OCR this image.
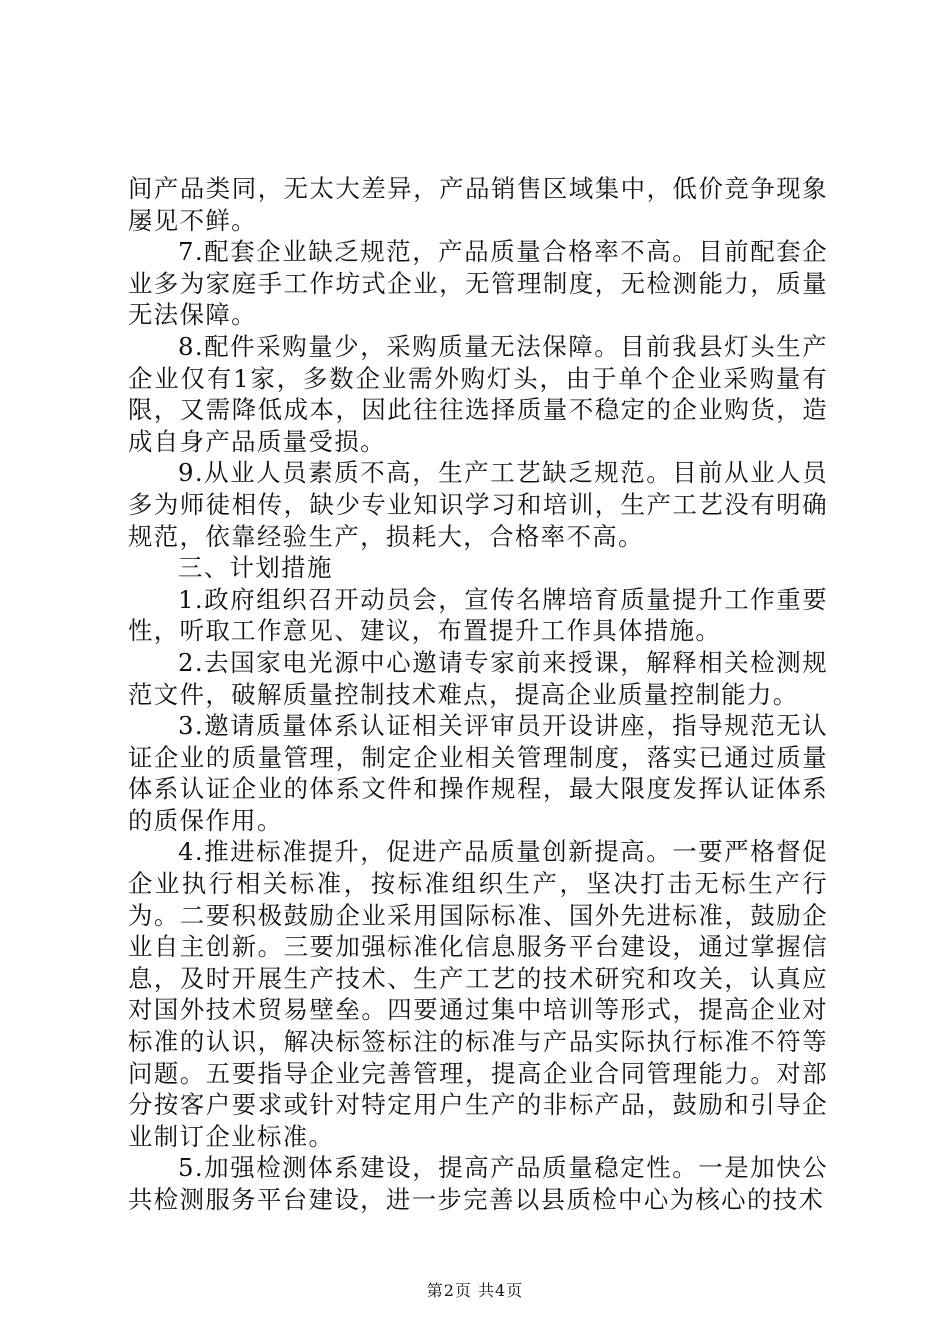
间产品类同，无太大差异，产品销售区域集中，低价竞争现象屡见不鲜。

7.配套企业缺乏规范，产品质量合格率不高。目前配套企业多为家庭手工作坊式企业，无管理制度，无检测能力，质量无法保障。

8.配件采购量少，采购质量无法保障。目前我县灯头生产企业仅有1家，多数企业需外购灯头，由于单个企业采购量有限，又需降低成本，因此往往选择质量不稳定的企业购货，造成自身产品质量受损。

9.从业人员素质不高，生产工艺缺乏规范。目前从业人员多为师徒相传，缺少专业知识学习和培训，生产工艺没有明确规范，依靠经验生产，损耗大，合格率不高。

三、计划措施

1.政府组织召开动员会，宣传名牌培育质量提升工作重要性，听取工作意见、建议，布置提升工作具体措施。

2.去国家电光源中心邀请专家前来授课，解释相关检测规范文件，破解质量控制技术难点，提高企业质量控制能力。

3.邀请质量体系认证相关评审员开设讲座，指导规范无认证企业的质量管理，制定企业相关管理制度，落实已通过质量体系认证企业的体系文件和操作规程，最大限度发挥认证体系的质保作用。

4.推进标准提升，促进产品质量创新提高。一要严格督促企业执行相关标准，按标准组织生产，坚决打击无标生产行为。二要积极鼓励企业采用国际标准、国外先进标准，鼓励企业自主创新。三要加强标准化信息服务平台建设，通过掌握信息，及时开展生产技术、生产工艺的技术研究和攻关，认真应对国外技术贸易壁垒。四要通过集中培训等形式，提高企业对标准的认识，解决标签标注的标准与产品实际执行标准不符等问题。五要指导企业完善管理，提高企业合同管理能力。对部分按客户要求或针对特定用户生产的非标产品，鼓励和引导企业制订企业标准。

5.加强检测体系建设，提高产品质量稳定性。一是加快公共检测服务平台建设，进一步完善以县质检中心为核心的技术

第2页 共4页
